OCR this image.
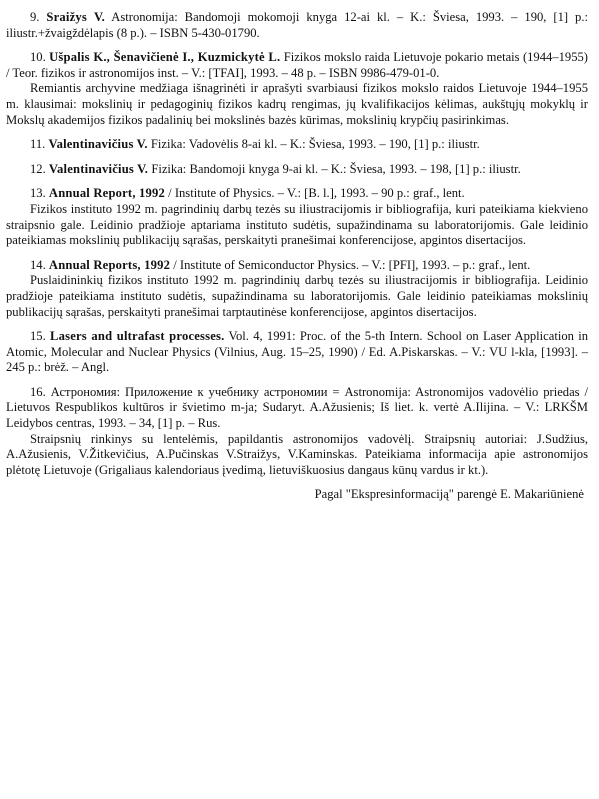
9. Sraižys V. Astronomija: Bandomoji mokomoji knyga 12-ai kl. – K.: Šviesa, 1993. – 190, [1] p.: iliustr.+žvaigždėlapis (8 p.). – ISBN 5-430-01790.

10. Ušpalis K., Šenavičienė I., Kuzmickytė L. Fizikos mokslo raida Lietuvoje pokario metais (1944–1955) / Teor. fizikos ir astronomijos inst. – V.: [TFAI], 1993. – 48 p. – ISBN 9986-479-01-0.

Remiantis archyvine medžiaga išnagrinėti ir aprašyti svarbiausi fizikos mokslo raidos Lietuvoje 1944–1955 m. klausimai: mokslinių ir pedagoginių fizikos kadrų rengimas, jų kvalifikacijos kėlimas, aukštųjų mokyklų ir Mokslų akademijos fizikos padalinių bei mokslinės bazės kūrimas, mokslinių krypčių pasirinkimas.

11. Valentinavičius V. Fizika: Vadovėlis 8-ai kl. – K.: Šviesa, 1993. – 190, [1] p.: iliustr.

12. Valentinavičius V. Fizika: Bandomoji knyga 9-ai kl. – K.: Šviesa, 1993. – 198, [1] p.: iliustr.

13. Annual Report, 1992 / Institute of Physics. – V.: [B. l.], 1993. – 90 p.: graf., lent.

Fizikos instituto 1992 m. pagrindinių darbų tezės su iliustracijomis ir bibliografija, kuri pateikiama kiekvieno straipsnio gale. Leidinio pradžioje aptariama instituto sudėtis, supažindinama su laboratorijomis. Gale leidinio pateikiamas mokslinių publikacijų sąrašas, perskaityti pranešimai konferencijose, apgintos disertacijos.

14. Annual Reports, 1992 / Institute of Semiconductor Physics. – V.: [PFI], 1993. – p.: graf., lent.

Puslaidininkių fizikos instituto 1992 m. pagrindinių darbų tezės su iliustracijomis ir bibliografija. Leidinio pradžioje pateikiama instituto sudėtis, supažindinama su laboratorijomis. Gale leidinio pateikiamas mokslinių publikacijų sąrašas, perskaityti pranešimai tarptautinėse konferencijose, apgintos disertacijos.

15. Lasers and ultrafast processes. Vol. 4, 1991: Proc. of the 5-th Intern. School on Laser Application in Atomic, Molecular and Nuclear Physics (Vilnius, Aug. 15–25, 1990) / Ed. A.Piskarskas. – V.: VU l-kla, [1993]. – 245 p.: brėž. – Angl.

16. Астрономия: Приложение к учебнику астрономии = Astronomija: Astronomijos vadovėlio priedas / Lietuvos Respublikos kultūros ir švietimo m-ja; Sudaryt. A.Ažusienis; Iš liet. k. vertė A.Ilijina. – V.: LRKŠM Leidybos centras, 1993. – 34, [1] p. – Rus.

Straipsnių rinkinys su lentelėmis, papildantis astronomijos vadovėlį. Straipsnių autoriai: J.Sudžius, A.Ažusienis, V.Žitkevičius, A.Pučinskas V.Straižys, V.Kaminskas. Pateikiama informacija apie astronomijos plėtotę Lietuvoje (Grigaliaus kalendoriaus įvedimą, lietuviškuosius dangaus kūnų vardus ir kt.).

Pagal "Ekspresinformaciją" parengė E. Makariūnienė
